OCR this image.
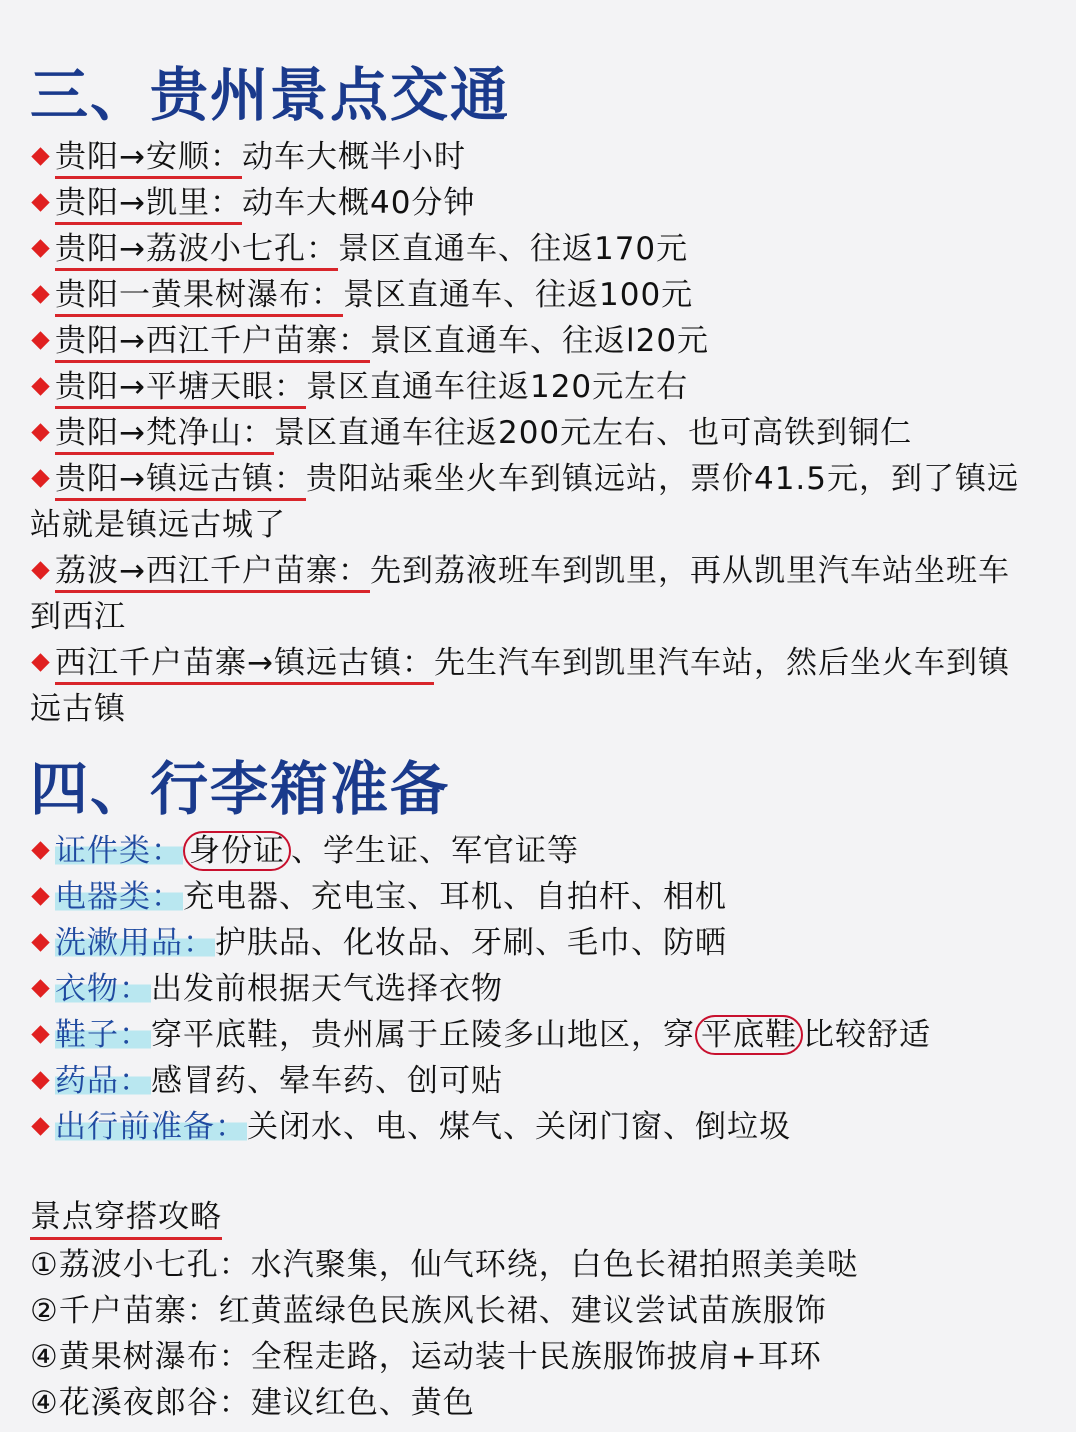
三、贵州景点交通
贵阳→安顺：动车大概半小时
贵阳→凯里：动车大概40分钟
贵阳→荔波小七孔：景区直通车、往返170元
贵阳一黄果树瀑布：景区直通车、往返100元
贵阳→西江千户苗寨：景区直通车、往返l20元
贵阳→平塘天眼：景区直通车往返120元左右
贵阳→梵净山：景区直通车往返200元左右、也可高铁到铜仁
贵阳→镇远古镇：贵阳站乘坐火车到镇远站，票价41.5元，到了镇远站就是镇远古城了
荔波→西江千户苗寨：先到荔液班车到凯里，再从凯里汽车站坐班车到西江
西江千户苗寨→镇远古镇：先生汽车到凯里汽车站，然后坐火车到镇远古镇
四、行李箱准备
证件类： 身份证 、学生证、军官证等
电器类：充电器、充电宝、耳机、自拍杆、相机
洗漱用品：护肤品、化妆品、牙刷、毛巾、防晒
衣物：出发前根据天气选择衣物
鞋子：穿平底鞋，贵州属于丘陵多山地区，穿 平底鞋 比较舒适
药品：感冒药、晕车药、创可贴
出行前准备：关闭水、电、煤气、关闭门窗、倒垃圾
景点穿搭攻略
①荔波小七孔：水汽聚集，仙气环绕，白色长裙拍照美美哒
②千户苗寨：红黄蓝绿色民族风长裙、建议尝试苗族服饰
④黄果树瀑布：全程走路，运动装十民族服饰披肩+耳环
④花溪夜郎谷：建议红色、黄色
